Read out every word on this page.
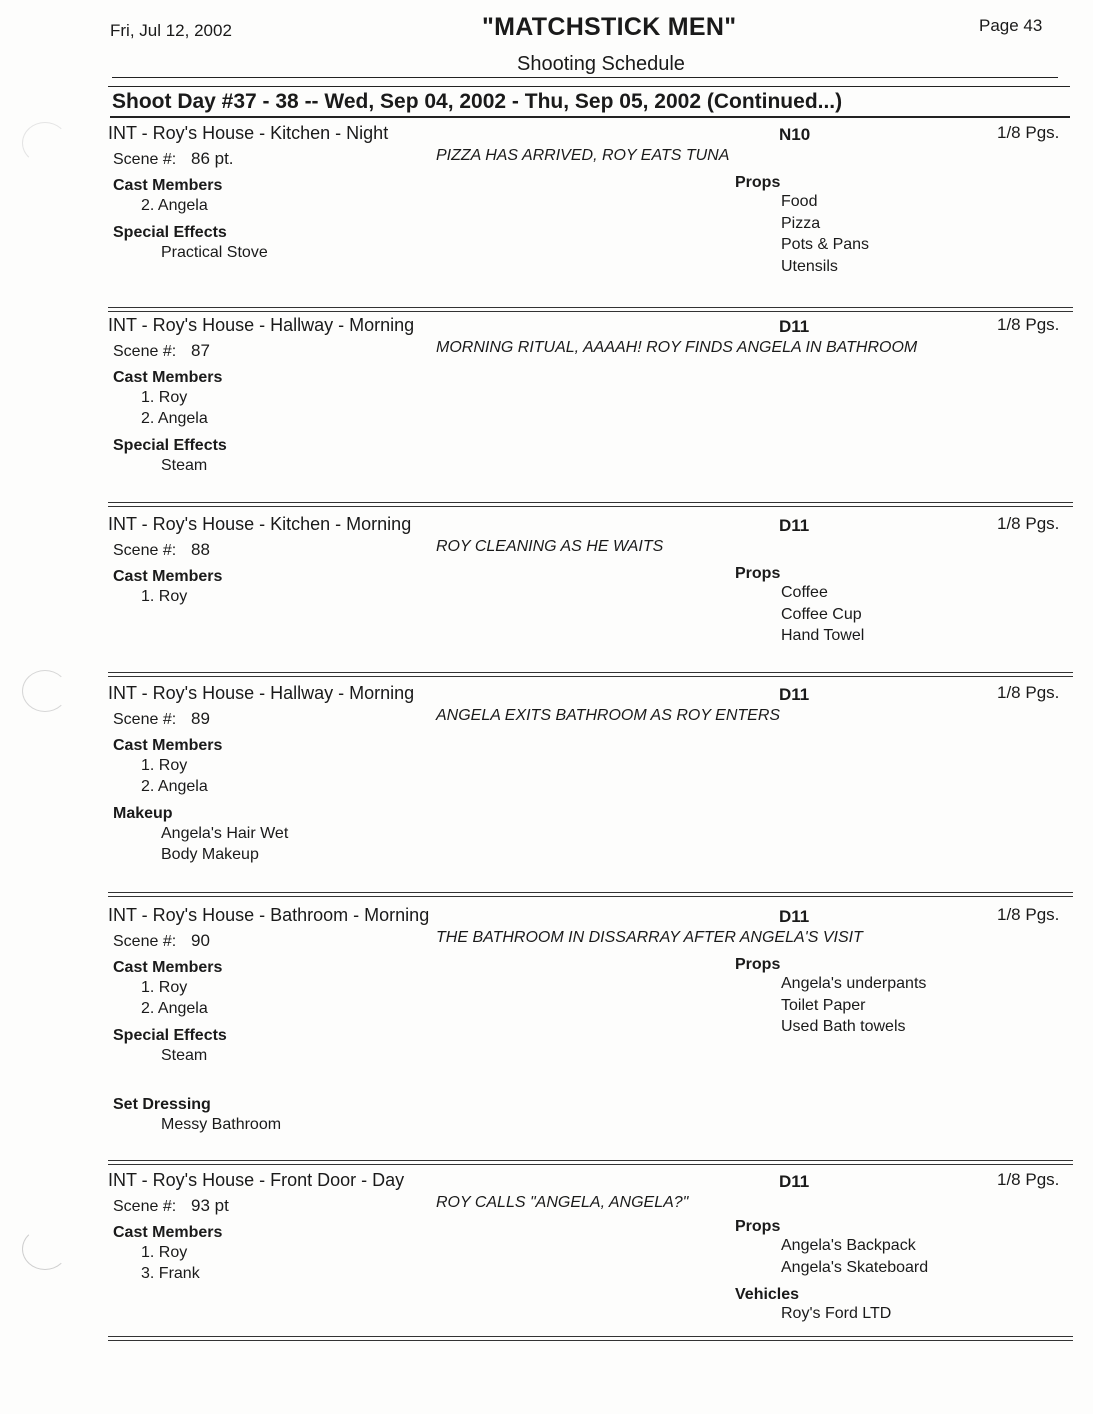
Fri, Jul 12, 2002	"MATCHSTICK MEN"	Page 43
Shooting Schedule
Shoot Day #37 - 38 -- Wed, Sep 04, 2002 - Thu, Sep 05, 2002 (Continued...)
INT - Roy's House - Kitchen - Night	N10	1/8 Pgs.
Scene #: 86 pt.	PIZZA HAS ARRIVED, ROY EATS TUNA
Cast Members
2. Angela
Special Effects
Practical Stove
Props
Food
Pizza
Pots & Pans
Utensils
INT - Roy's House - Hallway - Morning	D11	1/8 Pgs.
Scene #: 87	MORNING RITUAL, AAAAH! ROY FINDS ANGELA IN BATHROOM
Cast Members
1. Roy
2. Angela
Special Effects
Steam
INT - Roy's House - Kitchen - Morning	D11	1/8 Pgs.
Scene #: 88	ROY CLEANING AS HE WAITS
Cast Members
1. Roy
Props
Coffee
Coffee Cup
Hand Towel
INT - Roy's House - Hallway - Morning	D11	1/8 Pgs.
Scene #: 89	ANGELA EXITS BATHROOM AS ROY ENTERS
Cast Members
1. Roy
2. Angela
Makeup
Angela's Hair Wet
Body Makeup
INT - Roy's House - Bathroom - Morning	D11	1/8 Pgs.
Scene #: 90	THE BATHROOM IN DISSARRAY AFTER ANGELA'S VISIT
Cast Members
1. Roy
2. Angela
Special Effects
Steam
Set Dressing
Messy Bathroom
Props
Angela's underpants
Toilet Paper
Used Bath towels
INT - Roy's House - Front Door - Day	D11	1/8 Pgs.
Scene #: 93 pt	ROY CALLS "ANGELA, ANGELA?"
Cast Members
1. Roy
3. Frank
Props
Angela's Backpack
Angela's Skateboard
Vehicles
Roy's Ford LTD
